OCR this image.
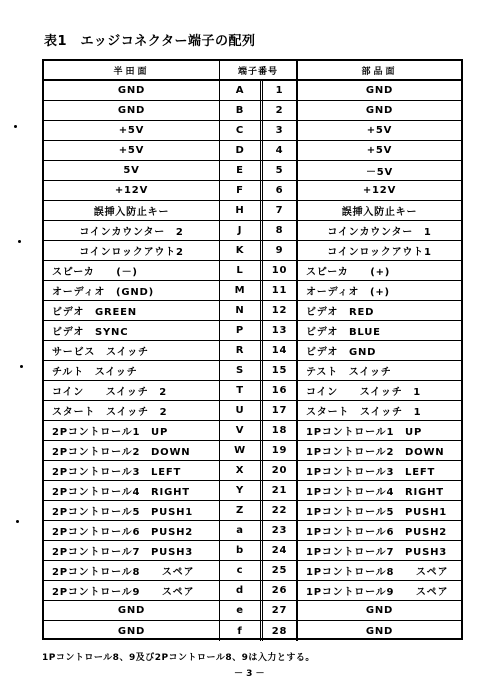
表1　エッジコネクター端子の配列
半田面	端子番号	部品面
GND	A	1	GND
GND	B	2	GND
+5V	C	3	+5V
+5V	D	4	+5V
5V	E	5	－5V
+12V	F	6	+12V
誤挿入防止キー	H	7	誤挿入防止キー
コインカウンター　2	J	8	コインカウンター　1
コインロックアウト2	K	9	コインロックアウト1
スピーカ　　(－)	L	10	スピーカ　　(+)
オーディオ　(GND)	M	11	オーディオ　(+)
ビデオ　GREEN	N	12	ビデオ　RED
ビデオ　SYNC	P	13	ビデオ　BLUE
サービス　スイッチ	R	14	ビデオ　GND
チルト　スイッチ	S	15	テスト　スイッチ
コイン　　スイッチ　2	T	16	コイン　　スイッチ　1
スタート　スイッチ　2	U	17	スタート　スイッチ　1
2Pコントロール1　UP	V	18	1Pコントロール1　UP
2Pコントロール2　DOWN	W	19	1Pコントロール2　DOWN
2Pコントロール3　LEFT	X	20	1Pコントロール3　LEFT
2Pコントロール4　RIGHT	Y	21	1Pコントロール4　RIGHT
2Pコントロール5　PUSH1	Z	22	1Pコントロール5　PUSH1
2Pコントロール6　PUSH2	a	23	1Pコントロール6　PUSH2
2Pコントロール7　PUSH3	b	24	1Pコントロール7　PUSH3
2Pコントロール8　　スペア	c	25	1Pコントロール8　　スペア
2Pコントロール9　　スペア	d	26	1Pコントロール9　　スペア
GND	e	27	GND
GND	f	28	GND
1Pコントロール8、9及び2Pコントロール8、9は入力とする。
－ 3 －
